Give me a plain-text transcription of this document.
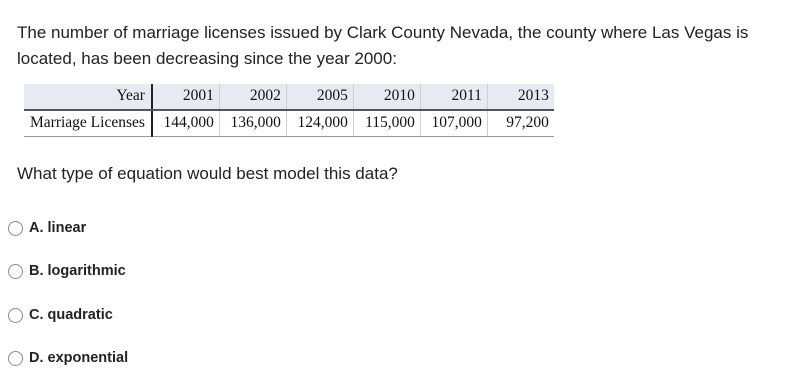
The number of marriage licenses issued by Clark County Nevada, the county where Las Vegas is located, has been decreasing since the year 2000:

Year	2001	2002	2005	2010	2011	2013
Marriage Licenses	144,000	136,000	124,000	115,000	107,000	97,200

What type of equation would best model this data?

A. linear
B. logarithmic
C. quadratic
D. exponential
